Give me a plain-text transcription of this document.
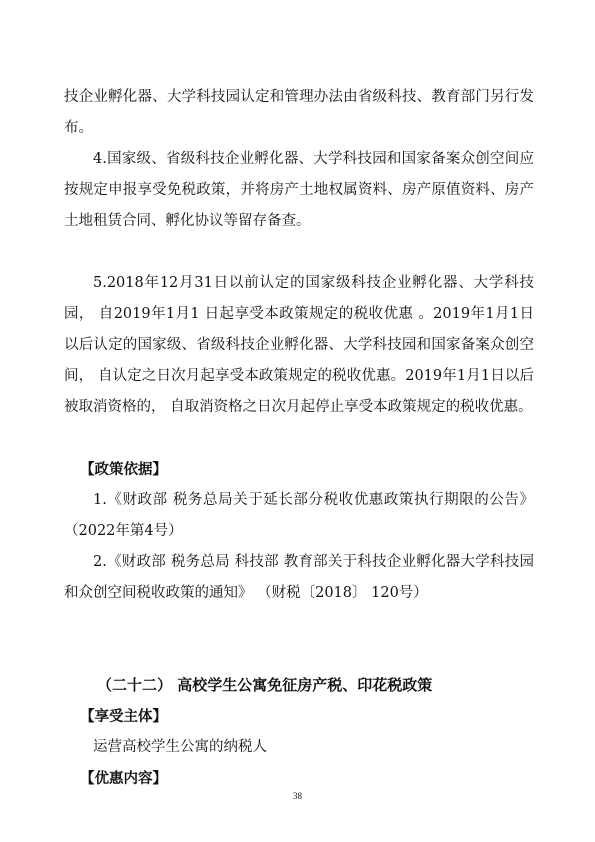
技企业孵化器、大学科技园认定和管理办法由省级科技、教育部门另行发布。

4.国家级、省级科技企业孵化器、大学科技园和国家备案众创空间应按规定申报享受免税政策，并将房产土地权属资料、房产原值资料、房产土地租赁合同、孵化协议等留存备查。

5.2018年12月31日以前认定的国家级科技企业孵化器、大学科技园， 自2019年1月1 日起享受本政策规定的税收优惠 。2019年1月1日以后认定的国家级、省级科技企业孵化器、大学科技园和国家备案众创空间， 自认定之日次月起享受本政策规定的税收优惠。2019年1月1日以后被取消资格的， 自取消资格之日次月起停止享受本政策规定的税收优惠。

【政策依据】

1.《财政部 税务总局关于延长部分税收优惠政策执行期限的公告》 （2022年第4号）

2.《财政部 税务总局 科技部 教育部关于科技企业孵化器大学科技园和众创空间税收政策的通知》 （财税〔2018〕 120号）

（二十二） 高校学生公寓免征房产税、印花税政策

【享受主体】

运营高校学生公寓的纳税人

【优惠内容】

38
